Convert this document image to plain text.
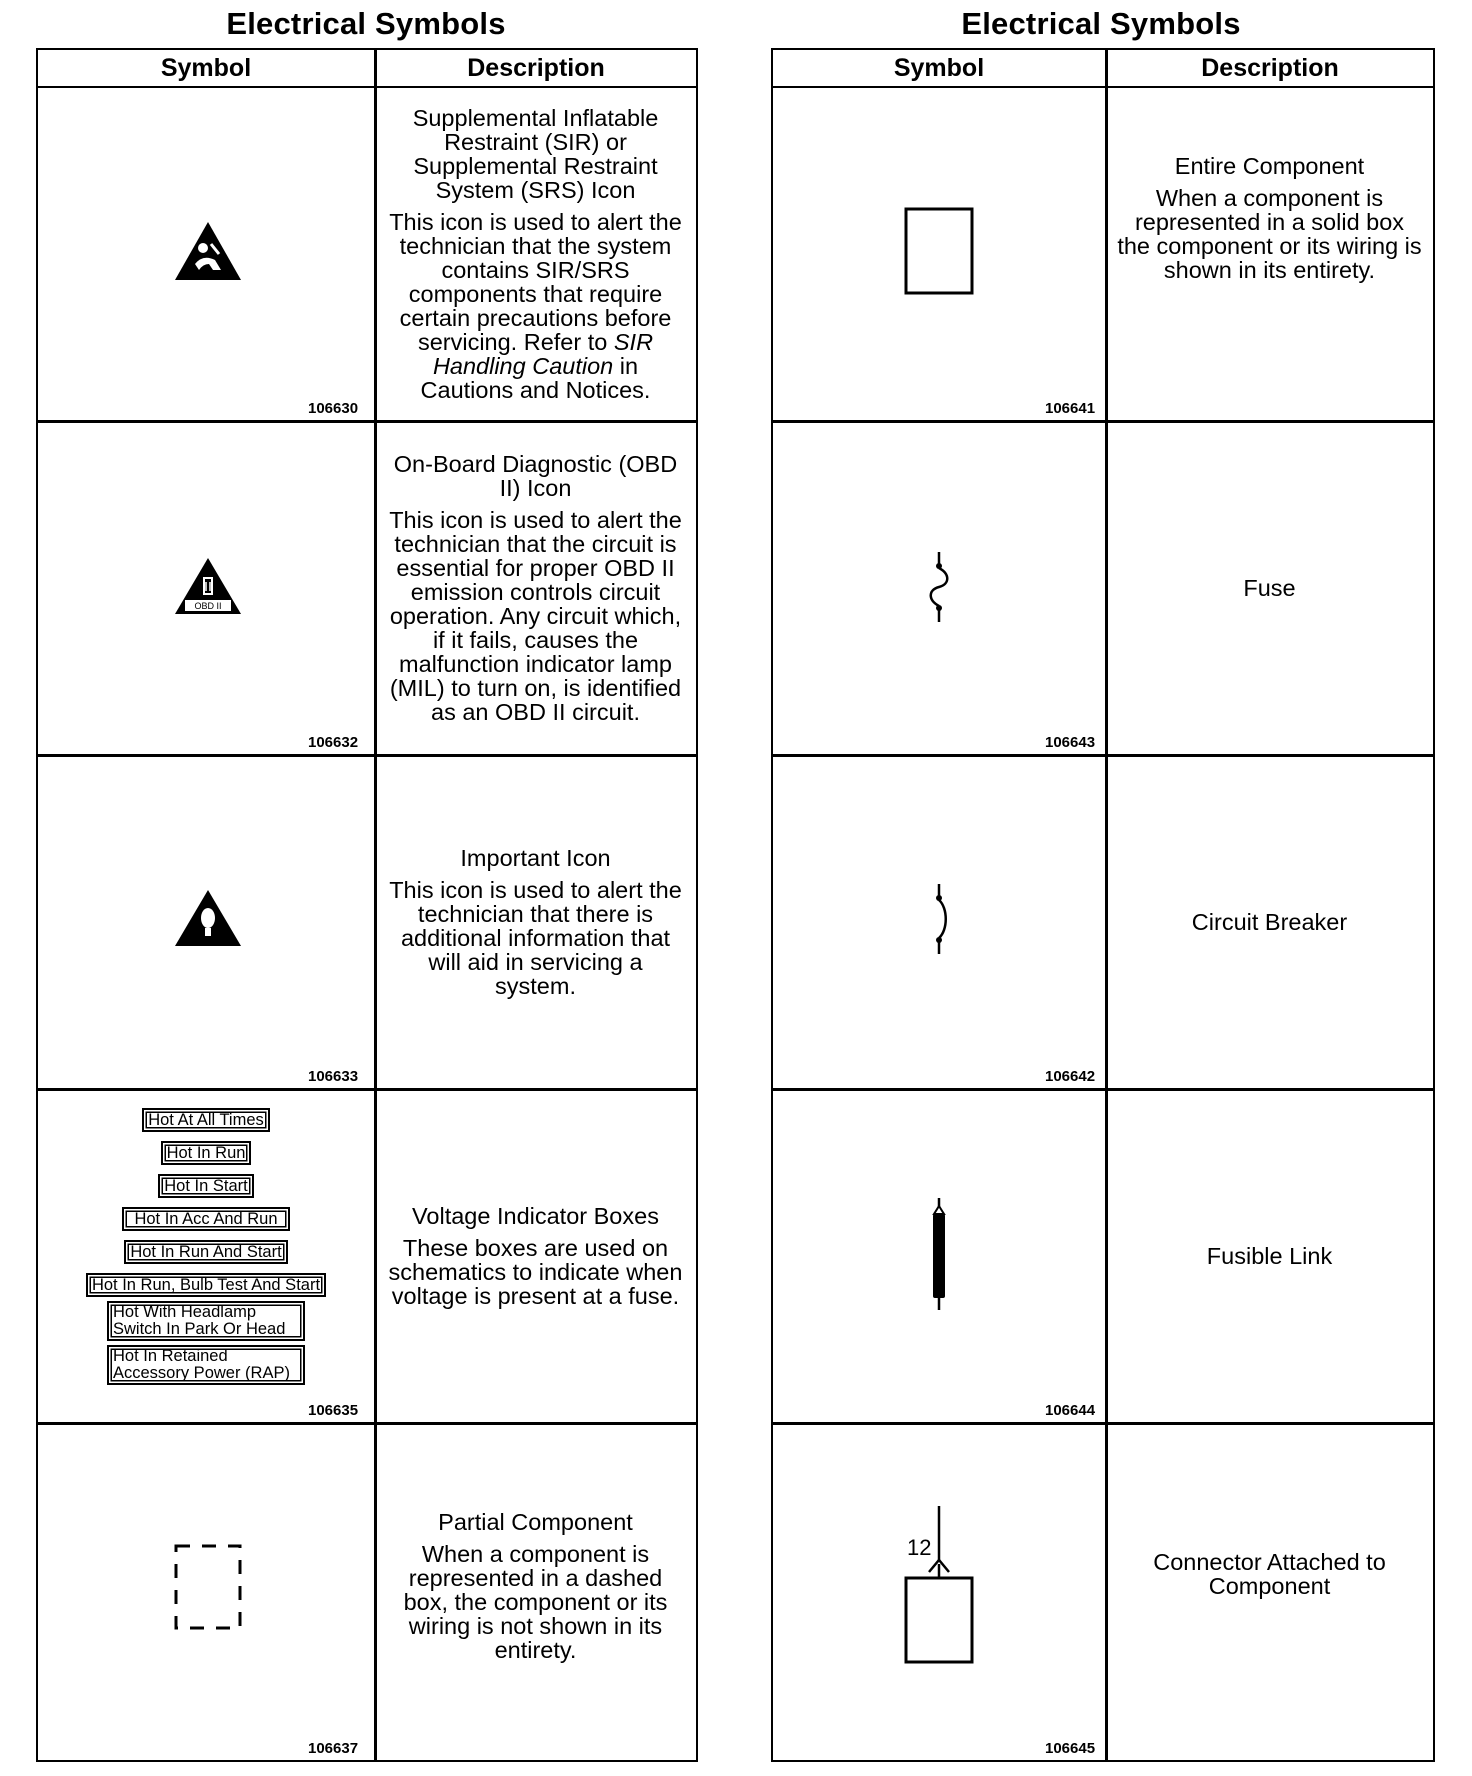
Electrical Symbols
Symbol	Description
106630
Supplemental Inflatable Restraint (SIR) or Supplemental Restraint System (SRS) Icon
This icon is used to alert the technician that the system contains SIR/SRS components that require certain precautions before servicing. Refer to SIR Handling Caution in Cautions and Notices.
OBD II
106632
On-Board Diagnostic (OBD II) Icon
This icon is used to alert the technician that the circuit is essential for proper OBD II emission controls circuit operation. Any circuit which, if it fails, causes the malfunction indicator lamp (MIL) to turn on, is identified as an OBD II circuit.
106633
Important Icon
This icon is used to alert the technician that there is additional information that will aid in servicing a system.
Hot At All Times
Hot In Run
Hot In Start
Hot In Acc And Run
Hot In Run And Start
Hot In Run, Bulb Test And Start
Hot With Headlamp Switch In Park Or Head
Hot In Retained Accessory Power (RAP)
106635
Voltage Indicator Boxes
These boxes are used on schematics to indicate when voltage is present at a fuse.
106637
Partial Component
When a component is represented in a dashed box, the component or its wiring is not shown in its entirety.
Electrical Symbols
Symbol	Description
106641
Entire Component
When a component is represented in a solid box the component or its wiring is shown in its entirety.
106643
Fuse
106642
Circuit Breaker
106644
Fusible Link
12
106645
Connector Attached to Component
